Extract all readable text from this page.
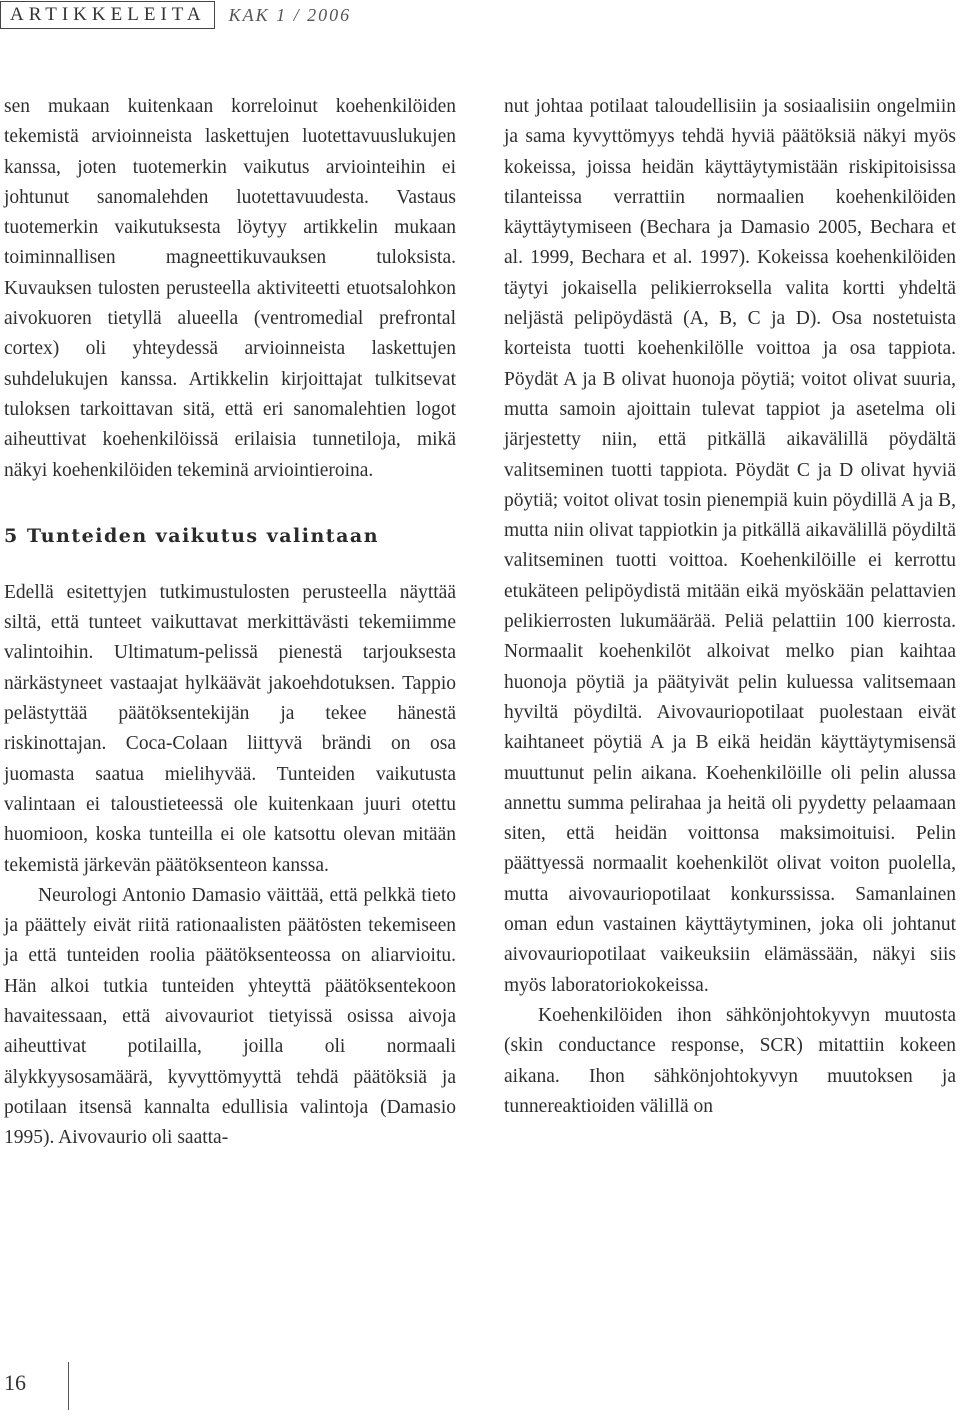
ARTIKKELEITA	KAK 1 / 2006

sen mukaan kuitenkaan korreloinut koehenkilöiden tekemistä arvioinneista laskettujen luotettavuuslukujen kanssa, joten tuotemerkin vaikutus arviointeihin ei johtunut sanomalehden luotettavuudesta. Vastaus tuotemerkin vaikutuksesta löytyy artikkelin mukaan toiminnallisen magneettikuvauksen tuloksista. Kuvauksen tulosten perusteella aktiviteetti etuotsalohkon aivokuoren tietyllä alueella (ventromedial prefrontal cortex) oli yhteydessä arvioinneista laskettujen suhdelukujen kanssa. Artikkelin kirjoittajat tulkitsevat tuloksen tarkoittavan sitä, että eri sanomalehtien logot aiheuttivat koehenkilöissä erilaisia tunnetiloja, mikä näkyi koehenkilöiden tekeminä arviointieroina.

5 Tunteiden vaikutus valintaan

Edellä esitettyjen tutkimustulosten perusteella näyttää siltä, että tunteet vaikuttavat merkittävästi tekemiimme valintoihin. Ultimatum-pelissä pienestä tarjouksesta närkästyneet vastaajat hylkäävät jakoehdotuksen. Tappio pelästyttää päätöksentekijän ja tekee hänestä riskinottajan. Coca-Colaan liittyvä brändi on osa juomasta saatua mielihyvää. Tunteiden vaikutusta valintaan ei taloustieteessä ole kuitenkaan juuri otettu huomioon, koska tunteilla ei ole katsottu olevan mitään tekemistä järkevän päätöksenteon kanssa.

Neurologi Antonio Damasio väittää, että pelkkä tieto ja päättely eivät riitä rationaalisten päätösten tekemiseen ja että tunteiden roolia päätöksenteossa on aliarvioitu. Hän alkoi tutkia tunteiden yhteyttä päätöksentekoon havaitessaan, että aivovauriot tietyissä osissa aivoja aiheuttivat potilailla, joilla oli normaali älykkyysosamäärä, kyvyttömyyttä tehdä päätöksiä ja potilaan itsensä kannalta edullisia valintoja (Damasio 1995). Aivovaurio oli saatta-

nut johtaa potilaat taloudellisiin ja sosiaalisiin ongelmiin ja sama kyvyttömyys tehdä hyviä päätöksiä näkyi myös kokeissa, joissa heidän käyttäytymistään riskipitoisissa tilanteissa verrattiin normaalien koehenkilöiden käyttäytymiseen (Bechara ja Damasio 2005, Bechara et al. 1999, Bechara et al. 1997). Kokeissa koehenkilöiden täytyi jokaisella pelikierroksella valita kortti yhdeltä neljästä pelipöydästä (A, B, C ja D). Osa nostetuista korteista tuotti koehenkilölle voittoa ja osa tappiota. Pöydät A ja B olivat huonoja pöytiä; voitot olivat suuria, mutta samoin ajoittain tulevat tappiot ja asetelma oli järjestetty niin, että pitkällä aikavälillä pöydältä valitseminen tuotti tappiota. Pöydät C ja D olivat hyviä pöytiä; voitot olivat tosin pienempiä kuin pöydillä A ja B, mutta niin olivat tappiotkin ja pitkällä aikavälillä pöydiltä valitseminen tuotti voittoa. Koehenkilöille ei kerrottu etukäteen pelipöydistä mitään eikä myöskään pelattavien pelikierrosten lukumäärää. Peliä pelattiin 100 kierrosta. Normaalit koehenkilöt alkoivat melko pian kaihtaa huonoja pöytiä ja päätyivät pelin kuluessa valitsemaan hyviltä pöydiltä. Aivovauriopotilaat puolestaan eivät kaihtaneet pöytiä A ja B eikä heidän käyttäytymisensä muuttunut pelin aikana. Koehenkilöille oli pelin alussa annettu summa pelirahaa ja heitä oli pyydetty pelaamaan siten, että heidän voittonsa maksimoituisi. Pelin päättyessä normaalit koehenkilöt olivat voiton puolella, mutta aivovauriopotilaat konkurssissa. Samanlainen oman edun vastainen käyttäytyminen, joka oli johtanut aivovauriopotilaat vaikeuksiin elämässään, näkyi siis myös laboratoriokokeissa.

Koehenkilöiden ihon sähkönjohtokyvyn muutosta (skin conductance response, SCR) mitattiin kokeen aikana. Ihon sähkönjohtokyvyn muutoksen ja tunnereaktioiden välillä on

16
